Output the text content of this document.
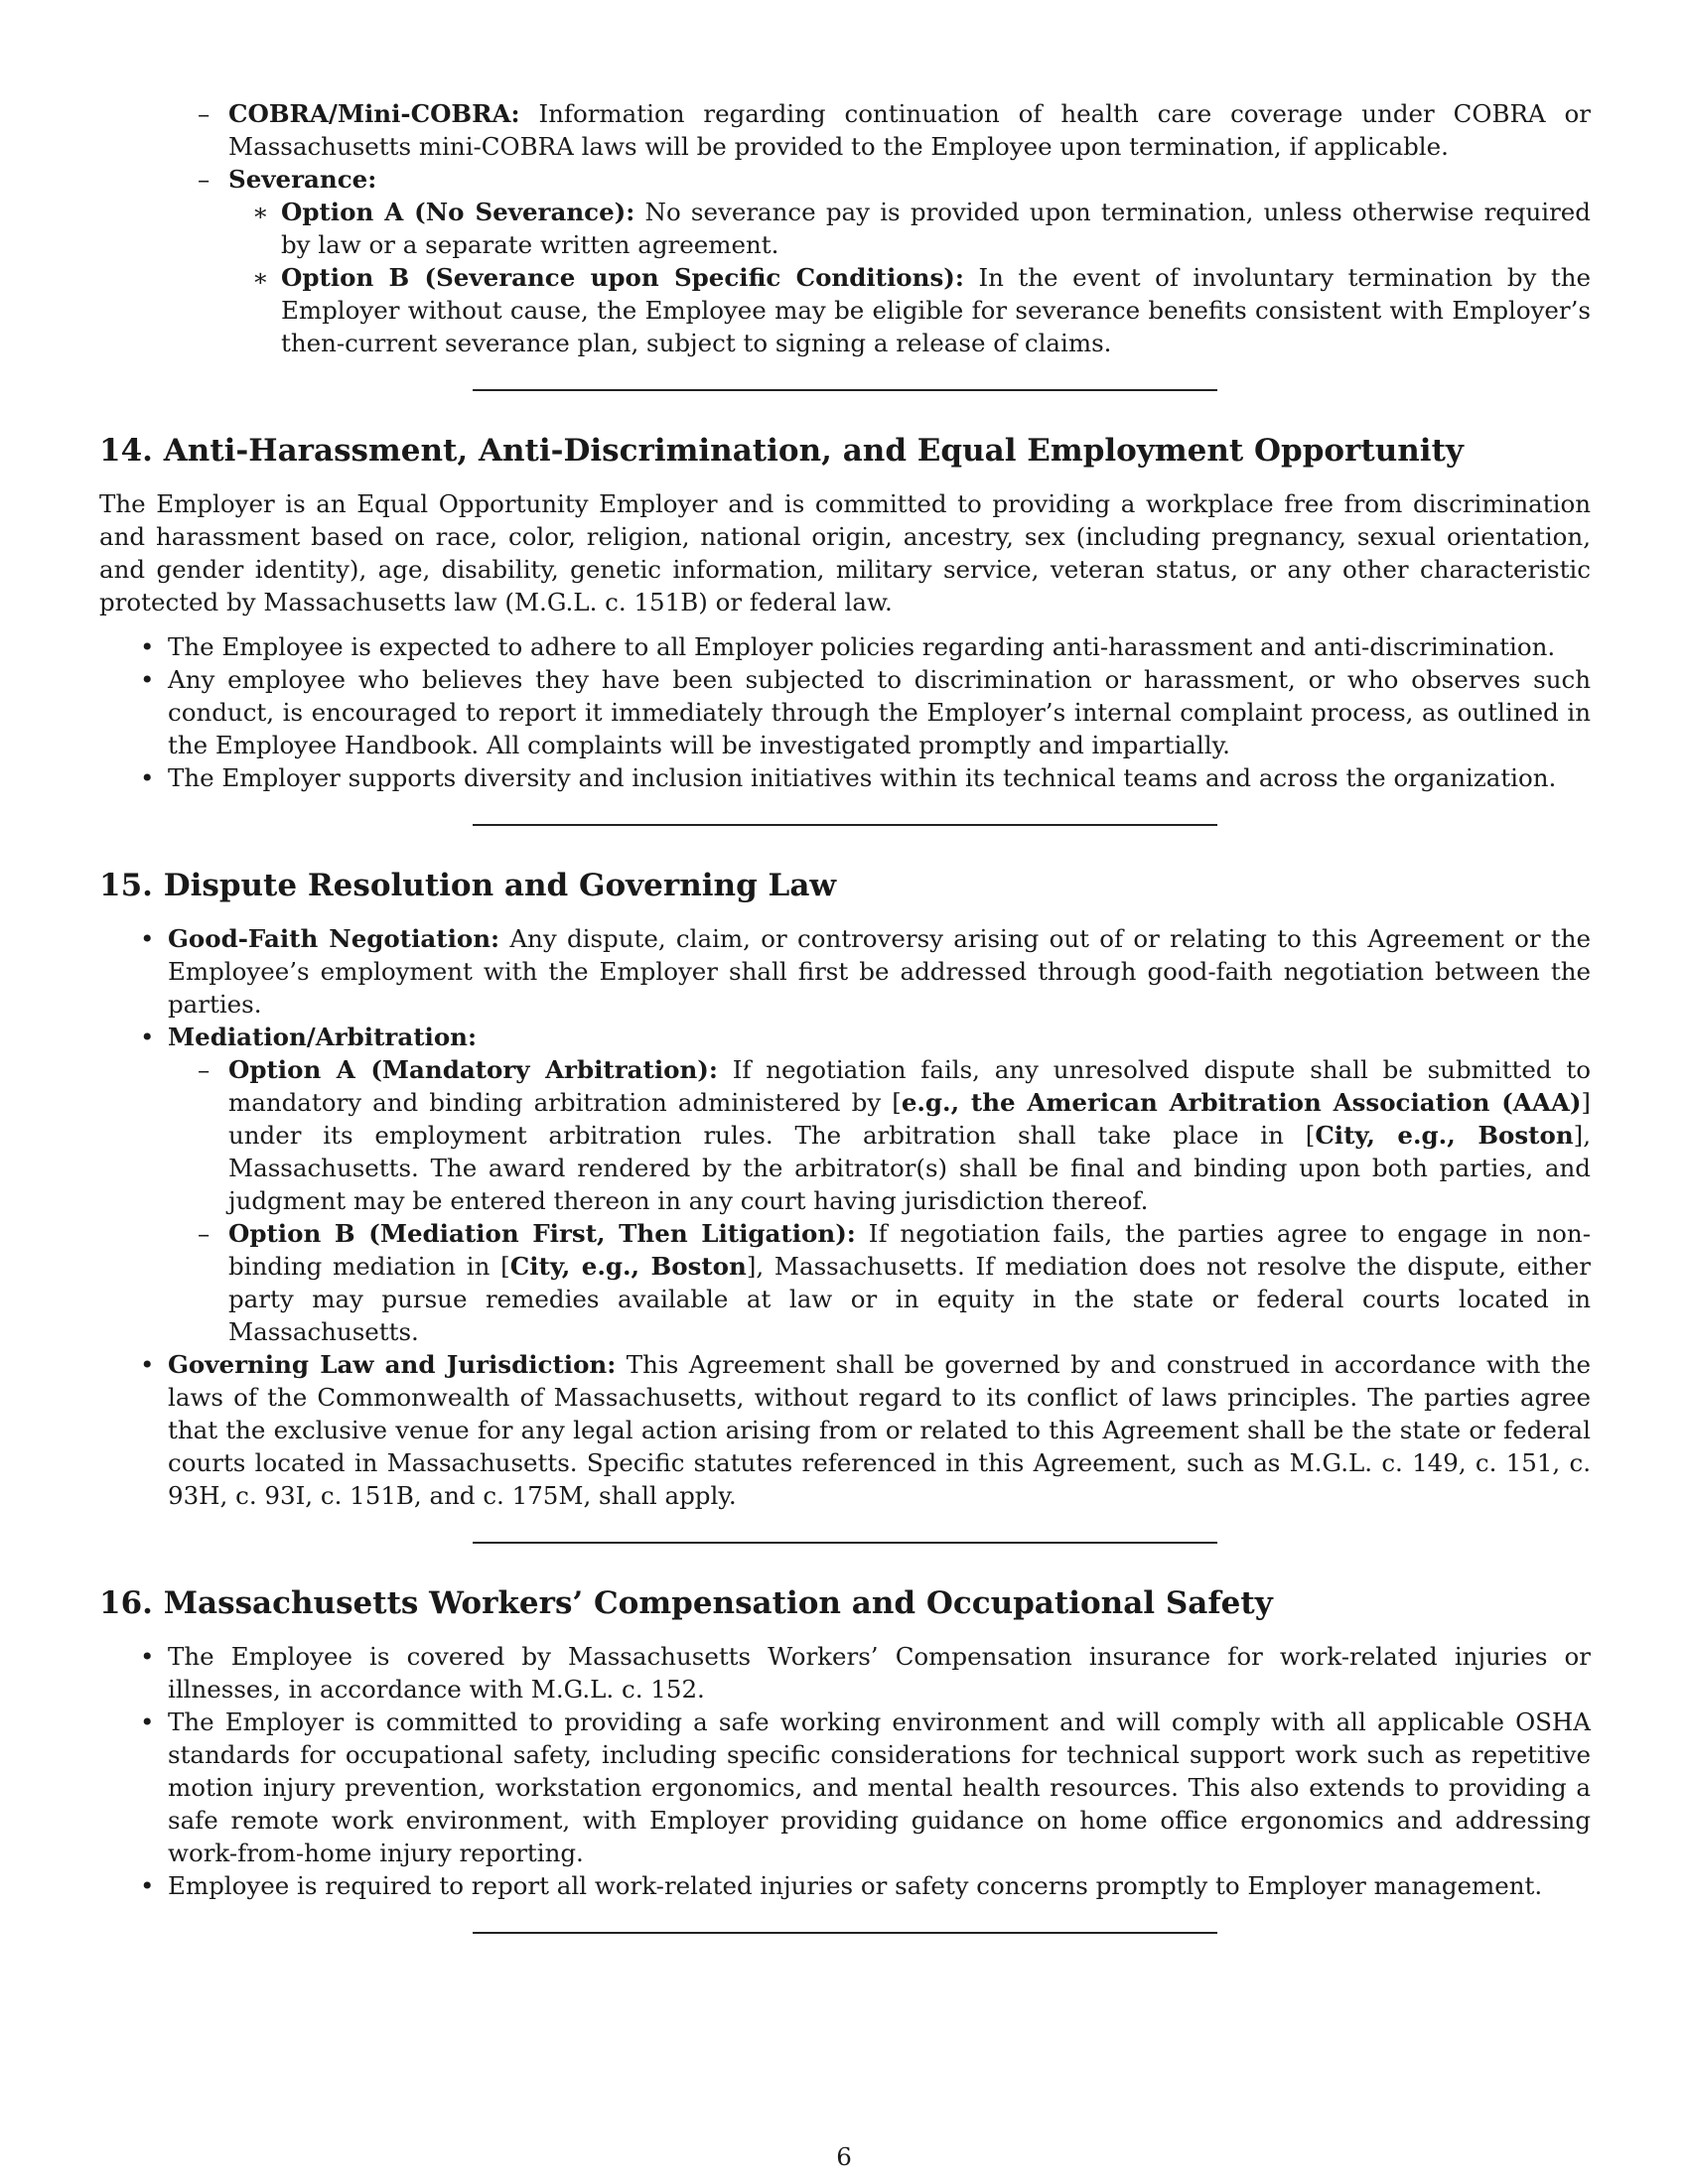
– COBRA/Mini-COBRA: Information regarding continuation of health care coverage under COBRA or Massachusetts mini-COBRA laws will be provided to the Employee upon termination, if applicable.
– Severance:
∗ Option A (No Severance): No severance pay is provided upon termination, unless otherwise required by law or a separate written agreement.
∗ Option B (Severance upon Specific Conditions): In the event of involuntary termination by the Employer without cause, the Employee may be eligible for severance benefits consistent with Employer’s then-current severance plan, subject to signing a release of claims.
14. Anti-Harassment, Anti-Discrimination, and Equal Employment Opportunity

The Employer is an Equal Opportunity Employer and is committed to providing a workplace free from discrimination and harassment based on race, color, religion, national origin, ancestry, sex (including pregnancy, sexual orientation, and gender identity), age, disability, genetic information, military service, veteran status, or any other characteristic protected by Massachusetts law (M.G.L. c. 151B) or federal law.

• The Employee is expected to adhere to all Employer policies regarding anti-harassment and anti-discrimination.
• Any employee who believes they have been subjected to discrimination or harassment, or who observes such conduct, is encouraged to report it immediately through the Employer’s internal complaint process, as outlined in the Employee Handbook. All complaints will be investigated promptly and impartially.
• The Employer supports diversity and inclusion initiatives within its technical teams and across the organization.
15. Dispute Resolution and Governing Law
• Good-Faith Negotiation: Any dispute, claim, or controversy arising out of or relating to this Agreement or the Employee’s employment with the Employer shall first be addressed through good-faith negotiation between the parties.
• Mediation/Arbitration:
– Option A (Mandatory Arbitration): If negotiation fails, any unresolved dispute shall be submitted to mandatory and binding arbitration administered by [e.g., the American Arbitration Association (AAA)] under its employment arbitration rules. The arbitration shall take place in [City, e.g., Boston], Massachusetts. The award rendered by the arbitrator(s) shall be final and binding upon both parties, and judgment may be entered thereon in any court having jurisdiction thereof.
– Option B (Mediation First, Then Litigation): If negotiation fails, the parties agree to engage in non-binding mediation in [City, e.g., Boston], Massachusetts. If mediation does not resolve the dispute, either party may pursue remedies available at law or in equity in the state or federal courts located in Massachusetts.
• Governing Law and Jurisdiction: This Agreement shall be governed by and construed in accordance with the laws of the Commonwealth of Massachusetts, without regard to its conflict of laws principles. The parties agree that the exclusive venue for any legal action arising from or related to this Agreement shall be the state or federal courts located in Massachusetts. Specific statutes referenced in this Agreement, such as M.G.L. c. 149, c. 151, c. 93H, c. 93I, c. 151B, and c. 175M, shall apply.
16. Massachusetts Workers’ Compensation and Occupational Safety
• The Employee is covered by Massachusetts Workers’ Compensation insurance for work-related injuries or illnesses, in accordance with M.G.L. c. 152.
• The Employer is committed to providing a safe working environment and will comply with all applicable OSHA standards for occupational safety, including specific considerations for technical support work such as repetitive motion injury prevention, workstation ergonomics, and mental health resources. This also extends to providing a safe remote work environment, with Employer providing guidance on home office ergonomics and addressing work-from-home injury reporting.
• Employee is required to report all work-related injuries or safety concerns promptly to Employer management.
6
